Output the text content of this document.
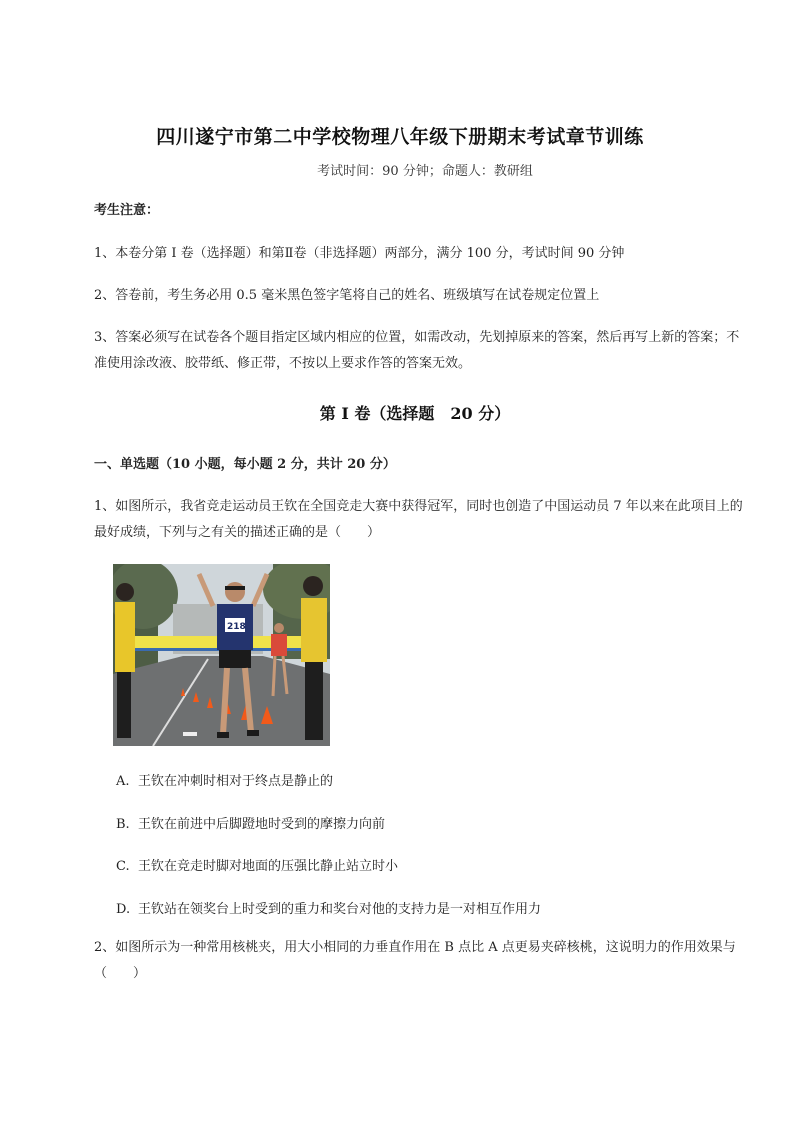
四川遂宁市第二中学校物理八年级下册期末考试章节训练
考试时间：90 分钟；命题人：教研组
考生注意：
1、本卷分第 I 卷（选择题）和第Ⅱ卷（非选择题）两部分，满分 100 分，考试时间 90 分钟
2、答卷前，考生务必用 0.5 毫米黑色签字笔将自己的姓名、班级填写在试卷规定位置上
3、答案必须写在试卷各个题目指定区域内相应的位置，如需改动，先划掉原来的答案，然后再写上新的答案；不准使用涂改液、胶带纸、修正带，不按以上要求作答的答案无效。
第 I 卷（选择题　20 分）
一、单选题（10 小题，每小题 2 分，共计 20 分）
1、如图所示，我省竞走运动员王钦在全国竞走大赛中获得冠军，同时也创造了中国运动员 7 年以来在此项目上的最好成绩，下列与之有关的描述正确的是（　　）
218
A. 王钦在冲刺时相对于终点是静止的
B. 王钦在前进中后脚蹬地时受到的摩擦力向前
C. 王钦在竞走时脚对地面的压强比静止站立时小
D. 王钦站在领奖台上时受到的重力和奖台对他的支持力是一对相互作用力
2、如图所示为一种常用核桃夹，用大小相同的力垂直作用在 B 点比 A 点更易夹碎核桃，这说明力的作用效果与（　　）
